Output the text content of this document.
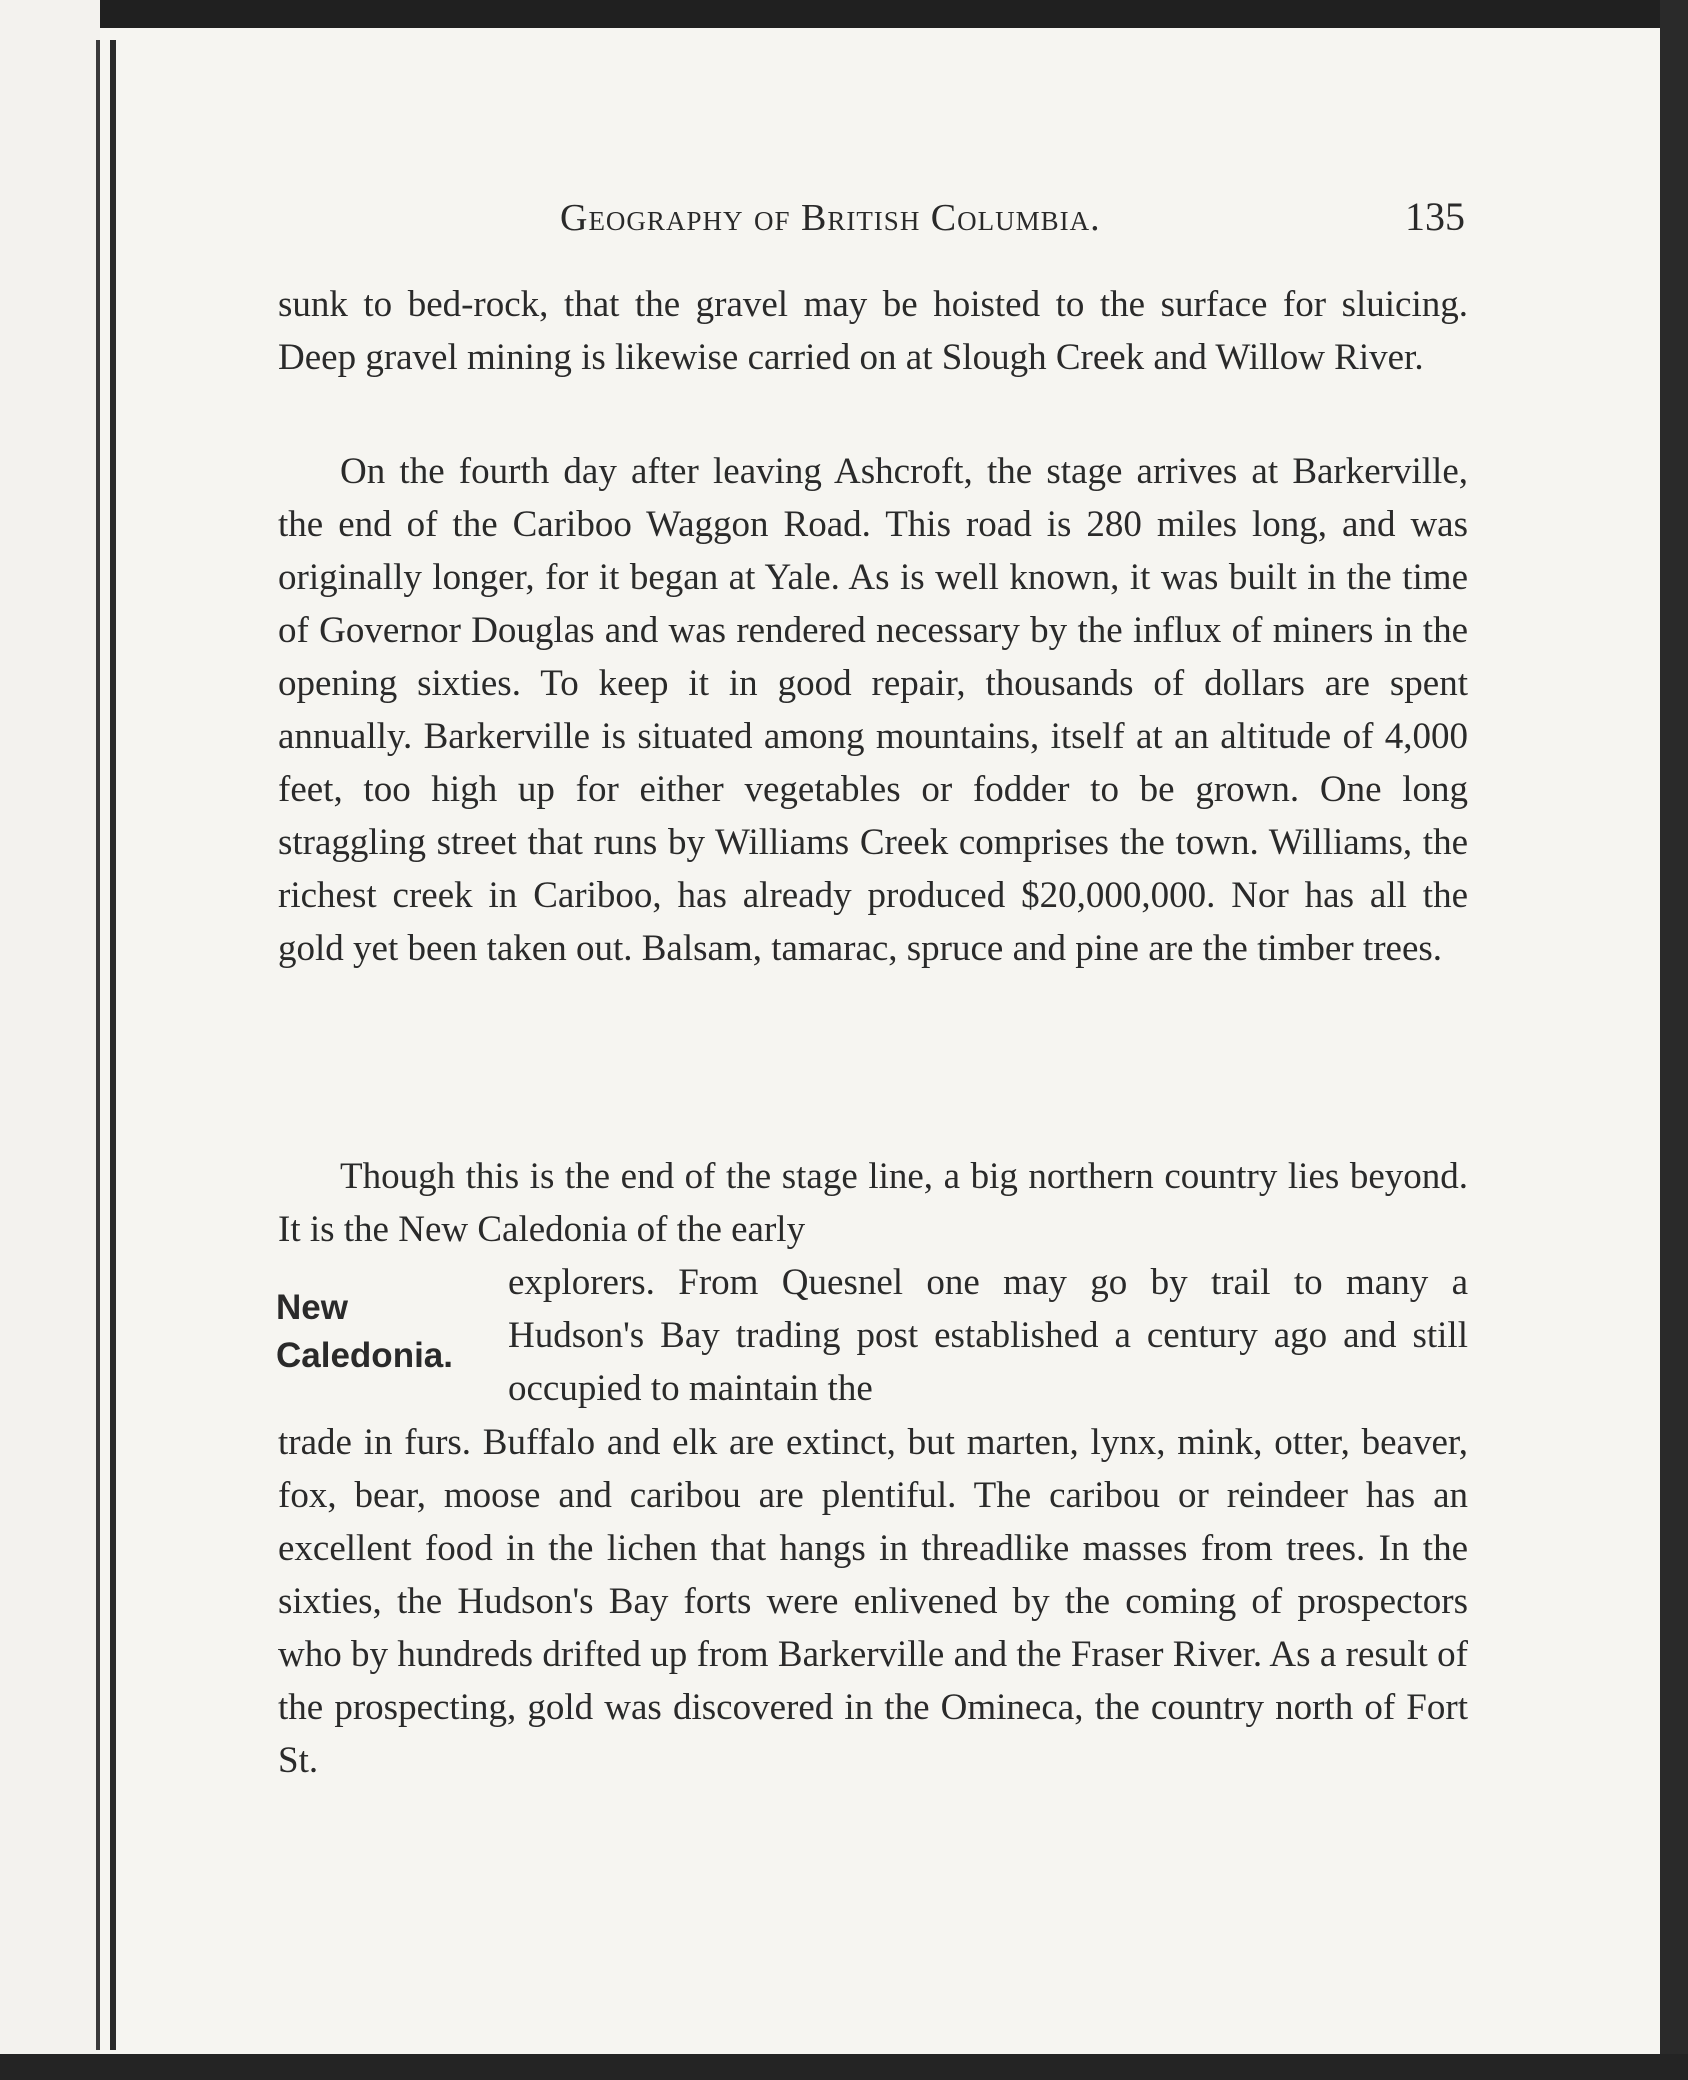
Geography of British Columbia.	135

sunk to bed-rock, that the gravel may be hoisted to the surface for sluicing. Deep gravel mining is likewise carried on at Slough Creek and Willow River.

On the fourth day after leaving Ashcroft, the stage arrives at Barkerville, the end of the Cariboo Waggon Road. This road is 280 miles long, and was originally longer, for it began at Yale. As is well known, it was built in the time of Governor Douglas and was rendered necessary by the influx of miners in the opening sixties. To keep it in good repair, thousands of dollars are spent annually. Barkerville is situated among mountains, itself at an altitude of 4,000 feet, too high up for either vegetables or fodder to be grown. One long straggling street that runs by Williams Creek comprises the town. Williams, the richest creek in Cariboo, has already produced $20,000,000. Nor has all the gold yet been taken out. Balsam, tamarac, spruce and pine are the timber trees.

Though this is the end of the stage line, a big northern country lies beyond. It is the New Caledonia of the early

New
Caledonia.

explorers. From Quesnel one may go by trail to many a Hudson's Bay trading post established a century ago and still occupied to maintain the

trade in furs. Buffalo and elk are extinct, but marten, lynx, mink, otter, beaver, fox, bear, moose and caribou are plentiful. The caribou or reindeer has an excellent food in the lichen that hangs in threadlike masses from trees. In the sixties, the Hudson's Bay forts were enlivened by the coming of prospectors who by hundreds drifted up from Barkerville and the Fraser River. As a result of the prospecting, gold was discovered in the Omineca, the country north of Fort St.
